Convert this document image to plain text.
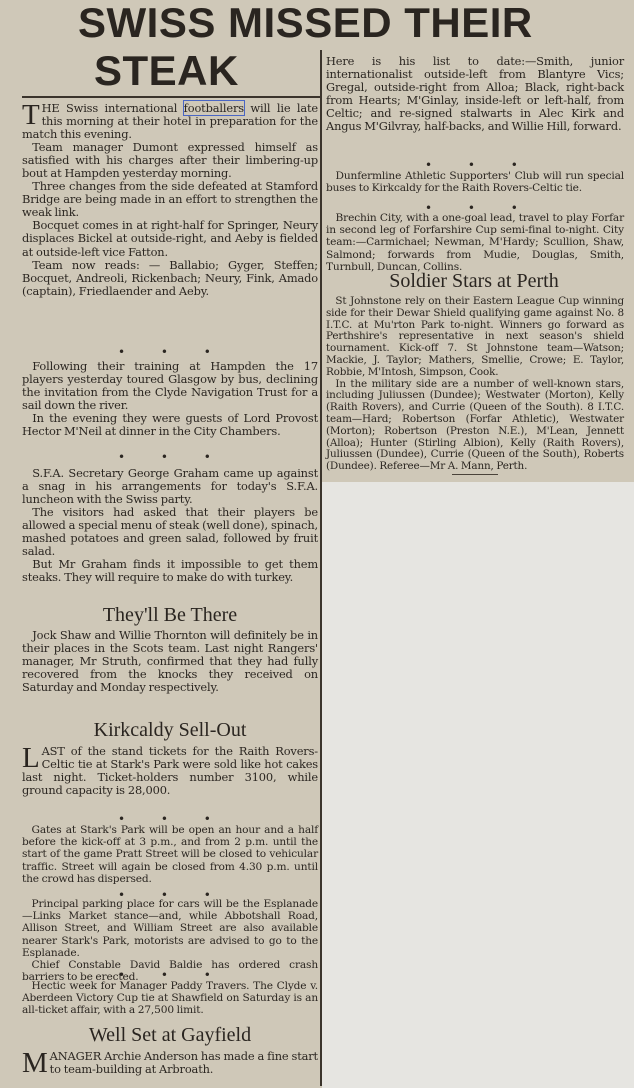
SWISS MISSED THEIR
STEAK

THE Swiss international footballers will lie late this morning at their hotel in preparation for the match this evening.

Team manager Dumont expressed himself as satisfied with his charges after their limbering-up bout at Hampden yesterday morning.

Three changes from the side defeated at Stamford Bridge are being made in an effort to strengthen the weak link.

Bocquet comes in at right-half for Springer, Neury displaces Bickel at outside-right, and Aeby is fielded at outside-left vice Fatton.

Team now reads: — Ballabio; Gyger, Steffen; Bocquet, Andreoli, Rickenbach; Neury, Fink, Amado (captain), Friedlaender and Aeby.

• • •

Following their training at Hampden the 17 players yesterday toured Glasgow by bus, declining the invitation from the Clyde Navigation Trust for a sail down the river.

In the evening they were guests of Lord Provost Hector M'Neil at dinner in the City Chambers.

• • •

S.F.A. Secretary George Graham came up against a snag in his arrangements for today's S.F.A. luncheon with the Swiss party.

The visitors had asked that their players be allowed a special menu of steak (well done), spinach, mashed potatoes and green salad, followed by fruit salad.

But Mr Graham finds it impossible to get them steaks. They will require to make do with turkey.

They'll Be There

Jock Shaw and Willie Thornton will definitely be in their places in the Scots team. Last night Rangers' manager, Mr Struth, confirmed that they had fully recovered from the knocks they received on Saturday and Monday respectively.

Kirkcaldy Sell-Out

LAST of the stand tickets for the Raith Rovers-Celtic tie at Stark's Park were sold like hot cakes last night. Ticket-holders number 3100, while ground capacity is 28,000.

• • •

Gates at Stark's Park will be open an hour and a half before the kick-off at 3 p.m., and from 2 p.m. until the start of the game Pratt Street will be closed to vehicular traffic. Street will again be closed from 4.30 p.m. until the crowd has dispersed.

• • •

Principal parking place for cars will be the Esplanade—Links Market stance—and, while Abbotshall Road, Allison Street, and William Street are also available nearer Stark's Park, motorists are advised to go to the Esplanade.

Chief Constable David Baldie has ordered crash barriers to be erected.

• • •

Hectic week for Manager Paddy Travers. The Clyde v. Aberdeen Victory Cup tie at Shawfield on Saturday is an all-ticket affair, with a 27,500 limit.

Well Set at Gayfield

MANAGER Archie Anderson has made a fine start to team-building at Arbroath.

Here is his list to date:—Smith, junior internationalist outside-left from Blantyre Vics; Gregal, outside-right from Alloa; Black, right-back from Hearts; M'Ginlay, inside-left or left-half, from Celtic; and re-signed stalwarts in Alec Kirk and Angus M'Gilvray, half-backs, and Willie Hill, forward.

• • •

Dunfermline Athletic Supporters' Club will run special buses to Kirkcaldy for the Raith Rovers-Celtic tie.

• • •

Brechin City, with a one-goal lead, travel to play Forfar in second leg of Forfarshire Cup semi-final to-night. City team:—Carmichael; Newman, M'Hardy; Scullion, Shaw, Salmond; forwards from Mudie, Douglas, Smith, Turnbull, Duncan, Collins.

Soldier Stars at Perth

St Johnstone rely on their Eastern League Cup winning side for their Dewar Shield qualifying game against No. 8 I.T.C. at Mu'rton Park to-night. Winners go forward as Perthshire's representative in next season's shield tournament. Kick-off 7. St Johnstone team—Watson; Mackie, J. Taylor; Mathers, Smellie, Crowe; E. Taylor, Robbie, M'Intosh, Simpson, Cook.

In the military side are a number of well-known stars, including Juliussen (Dundee); Westwater (Morton), Kelly (Raith Rovers), and Currie (Queen of the South). 8 I.T.C. team—Hard; Robertson (Forfar Athletic), Westwater (Morton); Robertson (Preston N.E.), M'Lean, Jennett (Alloa); Hunter (Stirling Albion), Kelly (Raith Rovers), Juliussen (Dundee), Currie (Queen of the South), Roberts (Dundee). Referee—Mr A. Mann, Perth.
